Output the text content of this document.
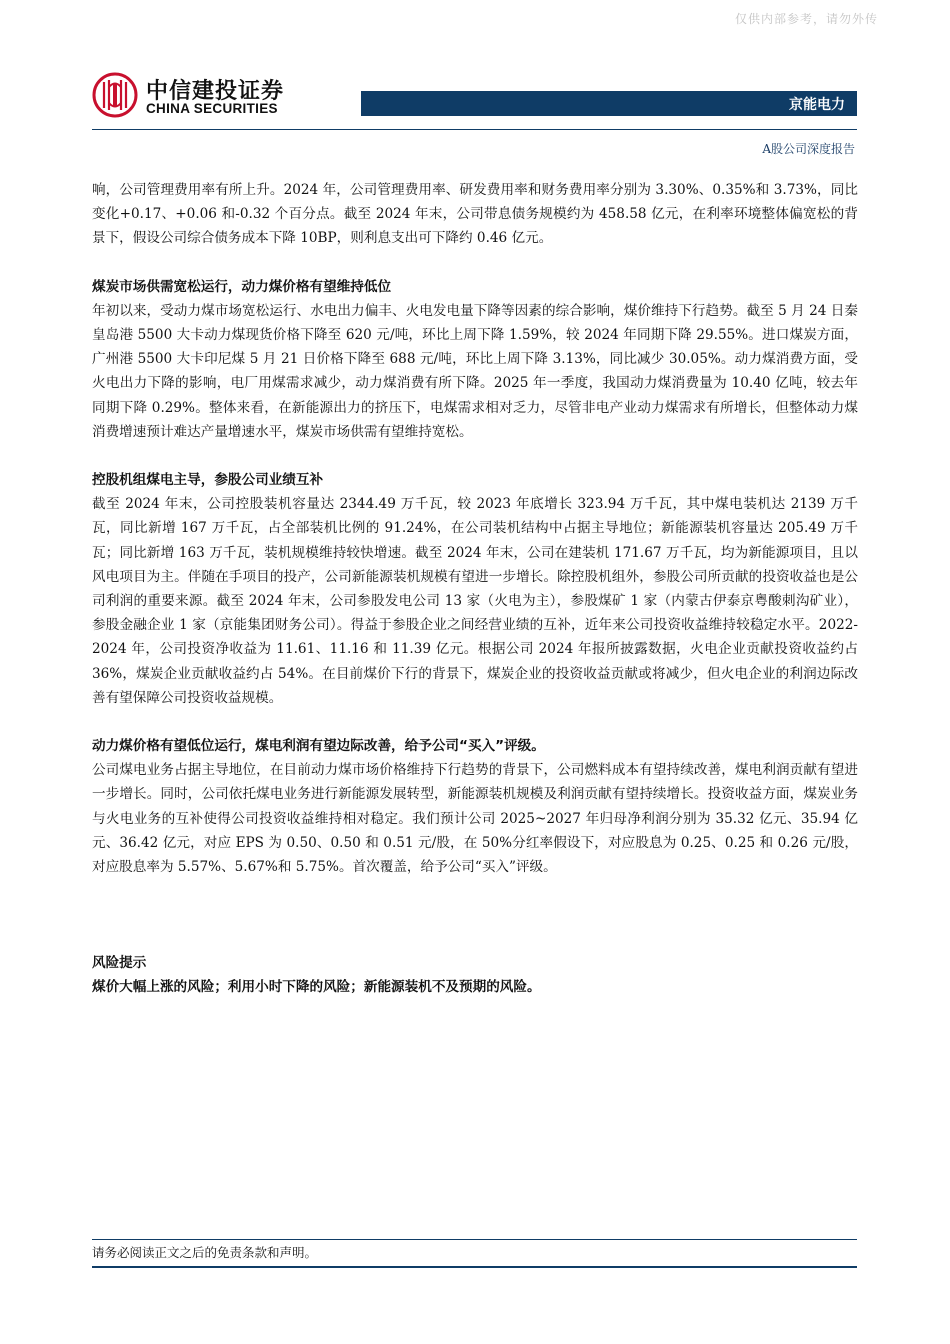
仅供内部参考，请勿外传
中信建投证券
CHINA SECURITIES	京能电力
A股公司深度报告

响，公司管理费用率有所上升。2024 年，公司管理费用率、研发费用率和财务费用率分别为 3.30%、0.35%和 3.73%，同比变化+0.17、+0.06 和-0.32 个百分点。截至 2024 年末，公司带息债务规模约为 458.58 亿元，在利率环境整体偏宽松的背景下，假设公司综合债务成本下降 10BP，则利息支出可下降约 0.46 亿元。

煤炭市场供需宽松运行，动力煤价格有望维持低位

年初以来，受动力煤市场宽松运行、水电出力偏丰、火电发电量下降等因素的综合影响，煤价维持下行趋势。截至 5 月 24 日秦皇岛港 5500 大卡动力煤现货价格下降至 620 元/吨，环比上周下降 1.59%，较 2024 年同期下降 29.55%。进口煤炭方面，广州港 5500 大卡印尼煤 5 月 21 日价格下降至 688 元/吨，环比上周下降 3.13%，同比减少 30.05%。动力煤消费方面，受火电出力下降的影响，电厂用煤需求减少，动力煤消费有所下降。2025 年一季度，我国动力煤消费量为 10.40 亿吨，较去年同期下降 0.29%。整体来看，在新能源出力的挤压下，电煤需求相对乏力，尽管非电产业动力煤需求有所增长，但整体动力煤消费增速预计难达产量增速水平，煤炭市场供需有望维持宽松。

控股机组煤电主导，参股公司业绩互补

截至 2024 年末，公司控股装机容量达 2344.49 万千瓦，较 2023 年底增长 323.94 万千瓦，其中煤电装机达 2139 万千瓦，同比新增 167 万千瓦，占全部装机比例的 91.24%，在公司装机结构中占据主导地位；新能源装机容量达 205.49 万千瓦；同比新增 163 万千瓦，装机规模维持较快增速。截至 2024 年末，公司在建装机 171.67 万千瓦，均为新能源项目，且以风电项目为主。伴随在手项目的投产，公司新能源装机规模有望进一步增长。除控股机组外，参股公司所贡献的投资收益也是公司利润的重要来源。截至 2024 年末，公司参股发电公司 13 家（火电为主），参股煤矿 1 家（内蒙古伊泰京粤酸刺沟矿业），参股金融企业 1 家（京能集团财务公司）。得益于参股企业之间经营业绩的互补，近年来公司投资收益维持较稳定水平。2022-2024 年，公司投资净收益为 11.61、11.16 和 11.39 亿元。根据公司 2024 年报所披露数据，火电企业贡献投资收益约占 36%，煤炭企业贡献收益约占 54%。在目前煤价下行的背景下，煤炭企业的投资收益贡献或将减少，但火电企业的利润边际改善有望保障公司投资收益规模。

动力煤价格有望低位运行，煤电利润有望边际改善，给予公司“买入”评级。

公司煤电业务占据主导地位，在目前动力煤市场价格维持下行趋势的背景下，公司燃料成本有望持续改善，煤电利润贡献有望进一步增长。同时，公司依托煤电业务进行新能源发展转型，新能源装机规模及利润贡献有望持续增长。投资收益方面，煤炭业务与火电业务的互补使得公司投资收益维持相对稳定。我们预计公司 2025~2027 年归母净利润分别为 35.32 亿元、35.94 亿元、36.42 亿元，对应 EPS 为 0.50、0.50 和 0.51 元/股，在 50%分红率假设下，对应股息为 0.25、0.25 和 0.26 元/股，对应股息率为 5.57%、5.67%和 5.75%。首次覆盖，给予公司“买入”评级。

风险提示
煤价大幅上涨的风险；利用小时下降的风险；新能源装机不及预期的风险。
请务必阅读正文之后的免责条款和声明。
